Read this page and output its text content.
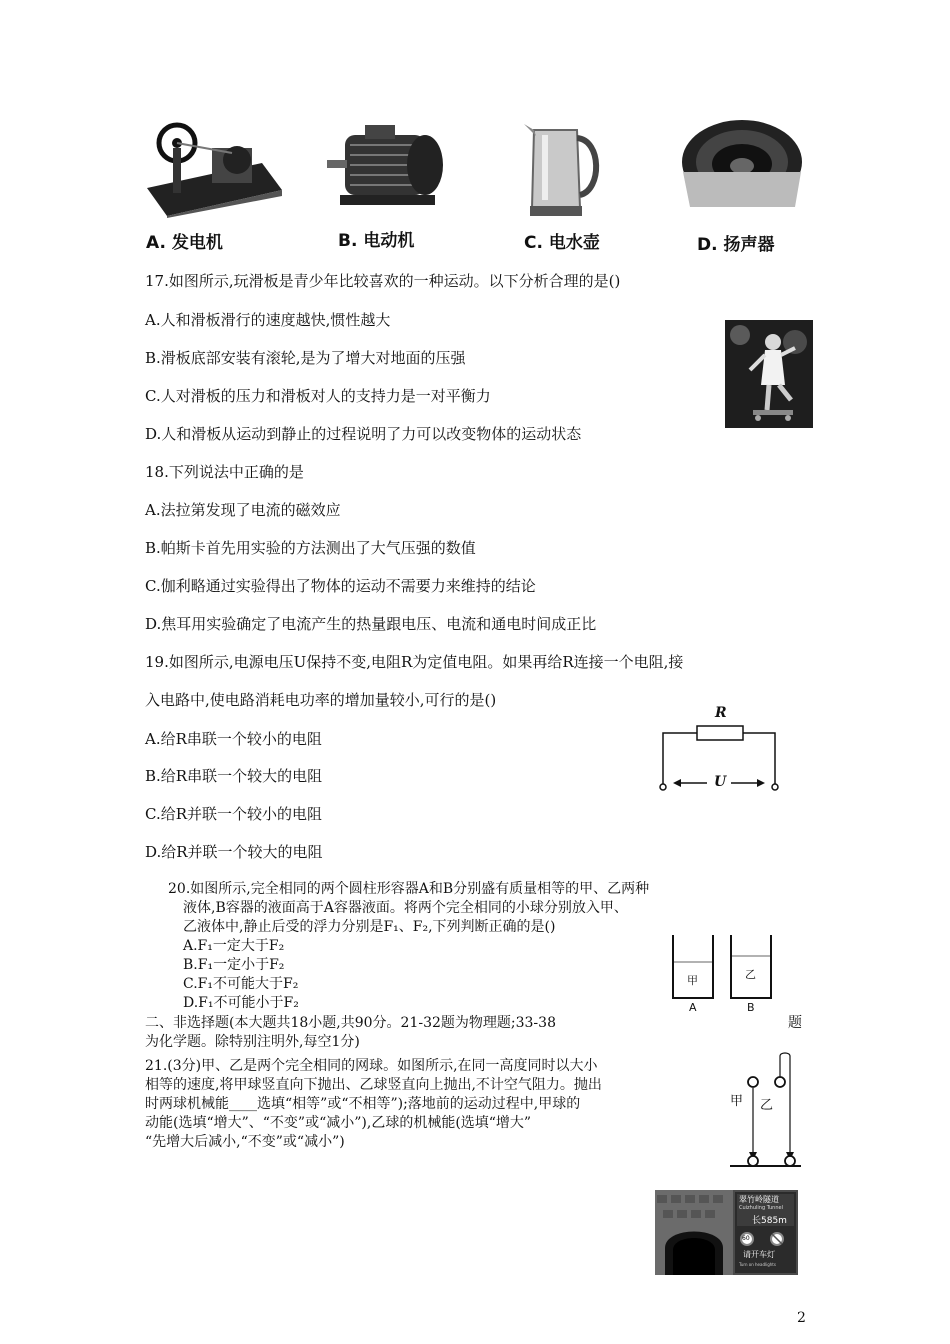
A. 发电机	B. 电动机	C. 电水壶	D. 扬声器
17.如图所示,玩滑板是青少年比较喜欢的一种运动。以下分析合理的是()
A.人和滑板滑行的速度越快,惯性越大
B.滑板底部安装有滚轮,是为了增大对地面的压强
C.人对滑板的压力和滑板对人的支持力是一对平衡力
D.人和滑板从运动到静止的过程说明了力可以改变物体的运动状态
18.下列说法中正确的是
A.法拉第发现了电流的磁效应
B.帕斯卡首先用实验的方法测出了大气压强的数值
C.伽利略通过实验得出了物体的运动不需要力来维持的结论
D.焦耳用实验确定了电流产生的热量跟电压、电流和通电时间成正比
19.如图所示,电源电压U保持不变,电阻R为定值电阻。如果再给R连接一个电阻,接
入电路中,使电路消耗电功率的增加量较小,可行的是()
A.给R串联一个较小的电阻
B.给R串联一个较大的电阻
C.给R并联一个较小的电阻
D.给R并联一个较大的电阻
R
U
20.如图所示,完全相同的两个圆柱形容器A和B分别盛有质量相等的甲、乙两种
液体,B容器的液面高于A容器液面。将两个完全相同的小球分别放入甲、
乙液体中,静止后受的浮力分别是F₁、F₂,下列判断正确的是()
A.F₁一定大于F₂
B.F₁一定小于F₂
C.F₁不可能大于F₂
D.F₁不可能小于F₂
甲	乙
A	B
二、非选择题(本大题共18小题,共90分。21-32题为物理题;33-38	题
为化学题。除特别注明外,每空1分)
21.(3分)甲、乙是两个完全相同的网球。如图所示,在同一高度同时以大小
相等的速度,将甲球竖直向下抛出、乙球竖直向上抛出,不计空气阻力。抛出
时两球机械能____选填“相等”或“不相等”);落地前的运动过程中,甲球的
动能(选填“增大”、“不变”或“减小”),乙球的机械能(选填“增大”
“先增大后减小,“不变”或“减小”)
甲 乙
翠竹岭隧道
Cuizhuling Tunnel
长585m
60
请开车灯
Turn on headlights
2
